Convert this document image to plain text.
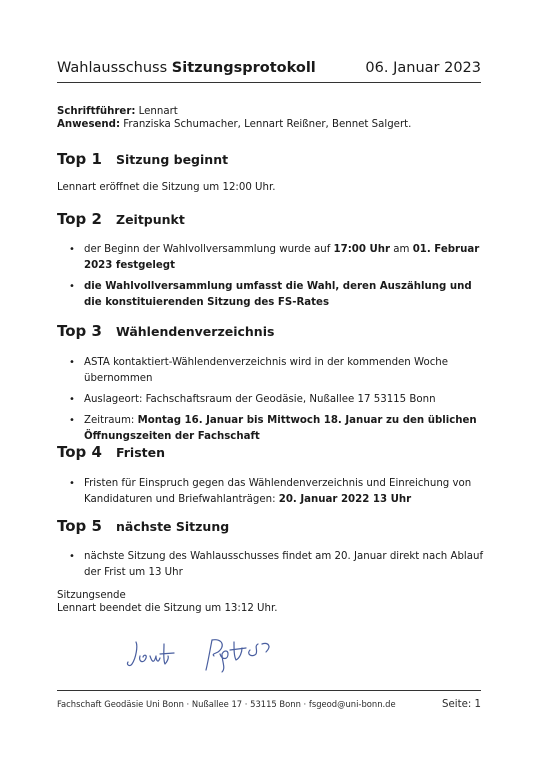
Wahlausschuss Sitzungsprotokoll	06. Januar 2023
Schriftführer: Lennart
Anwesend: Franziska Schumacher, Lennart Reißner, Bennet Salgert.
Top 1	Sitzung beginnt
Lennart eröffnet die Sitzung um 12:00 Uhr.
Top 2	Zeitpunkt
• der Beginn der Wahlvollversammlung wurde auf 17:00 Uhr am 01. Februar 2023 festgelegt
• die Wahlvollversammlung umfasst die Wahl, deren Auszählung und die konstituierenden Sitzung des FS-Rates
Top 3	Wählendenverzeichnis
• ASTA kontaktiert-Wählendenverzeichnis wird in der kommenden Woche übernommen
• Auslageort: Fachschaftsraum der Geodäsie, Nußallee 17 53115 Bonn
• Zeitraum: Montag 16. Januar bis Mittwoch 18. Januar zu den üblichen Öffnungszeiten der Fachschaft
Top 4	Fristen
• Fristen für Einspruch gegen das Wählendenverzeichnis und Einreichung von Kandidaturen und Briefwahlanträgen: 20. Januar 2022 13 Uhr
Top 5	nächste Sitzung
• nächste Sitzung des Wahlausschusses findet am 20. Januar direkt nach Ablauf der Frist um 13 Uhr
Sitzungsende
Lennart beendet die Sitzung um 13:12 Uhr.
Fachschaft Geodäsie Uni Bonn · Nußallee 17 · 53115 Bonn · fsgeod@uni-bonn.de	Seite: 1
